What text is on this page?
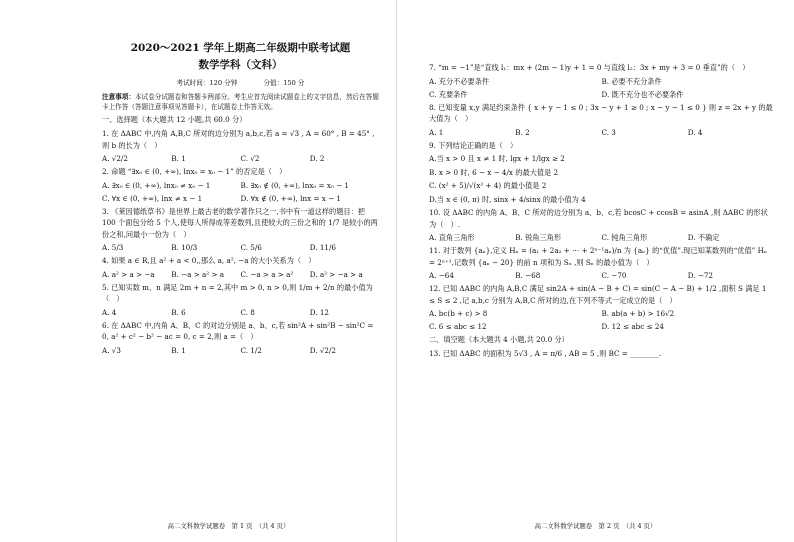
2020～2021 学年上期高二年级期中联考试题
数学学科（文科）
考试时间：120 分钟	分值：150 分
注意事项：本试卷分试题卷和答题卡两部分。考生应首先阅读试题卷上的文字信息，然后在答题卡上作答（答题注意事项见答题卡），在试题卷上作答无效。
一、选择题（本大题共 12 小题,共 60.0 分）
1. 在 ΔABC 中,内角 A,B,C 所对的边分别为 a,b,c,若 a = √3 , A = 60° , B = 45° ,则 b 的长为（　）
A. √2/2	B. 1	C. √2	D. 2
2. 命题 “∃x₀ ∈ (0, +∞), lnx₀ = x₀ − 1” 的否定是（　）
A. ∃x₀ ∈ (0, +∞), lnx₀ ≠ x₀ − 1	B. ∃x₀ ∉ (0, +∞), lnx₀ = x₀ − 1
C. ∀x ∈ (0, +∞), lnx ≠ x − 1	D. ∀x ∉ (0, +∞), lnx = x − 1
3. 《莱因德纸草书》是世界上最古老的数学著作只之一,书中有一道这样的题目：把 100 个面包分给 5 个人,使每人所得成等差数列,且使较大的三份之和的 1/7 是较小的两份之和,问最小一份为（　）
A. 5/3	B. 10/3	C. 5/6	D. 11/6
4. 如果 a ∈ R,且 a² + a < 0,,那么 a, a², −a 的大小关系为（　）
A. a² > a > −a	B. −a > a² > a	C. −a > a > a²	D. a² > −a > a
5. 已知实数 m、n 满足 2m + n = 2,其中 m > 0, n > 0,则 1/m + 2/n 的最小值为（　）
A. 4	B. 6	C. 8	D. 12
6. 在 ΔABC 中,内角 A、B、C 的对边分别是 a、b、c,若 sin²A + sin²B − sin²C = 0, a² + c² − b² − ac = 0, c = 2,则 a =（　）
A. √3	B. 1	C. 1/2	D. √2/2
高二文科数学试题卷　第 1 页　（共 4 页）
7. “m = −1”是“直线 l₁：mx + (2m − 1)y + 1 = 0 与直线 l₂：3x + my + 3 = 0 垂直”的（　）
A. 充分不必要条件	B. 必要不充分条件
C. 充要条件	D. 既不充分也不必要条件
8. 已知变量 x,y 满足约束条件 { x + y − 1 ≤ 0 ; 3x − y + 1 ≥ 0 ; x − y − 1 ≤ 0 } 则 z = 2x + y 的最大值为（　）
A. 1	B. 2	C. 3	D. 4
9. 下列结论正确的是（　）
A.当 x > 0 且 x ≠ 1 时, lgx + 1/lgx ≥ 2
B. x > 0 时, 6 − x − 4/x 的最大值是 2
C. (x² + 5)/√(x² + 4) 的最小值是 2
D.当 x ∈ (0, π) 时, sinx + 4/sinx 的最小值为 4
10. 设 ΔABC 的内角 A、B、C 所对的边分别为 a、b、c,若 bcosC + ccosB = asinA ,则 ΔABC 的形状为（　）.
A. 直角三角形	B. 锐角三角形	C. 钝角三角形	D. 不确定
11. 对于数列 {aₙ},定义 Hₙ = (a₁ + 2a₂ + ⋯ + 2ⁿ⁻¹aₙ)/n 为 {aₙ} 的“优值”.现已知某数列的“优值” Hₙ = 2ⁿ⁺¹,记数列 {aₙ − 20} 的前 n 项和为 Sₙ ,则 Sₙ 的最小值为（　）
A. −64	B. −68	C. −70	D. −72
12. 已知 ΔABC 的内角 A,B,C 满足 sin2A + sin(A − B + C) = sin(C − A − B) + 1/2 ,面积 S 满足 1 ≤ S ≤ 2 ,记 a,b,c 分别为 A,B,C 所对的边,在下列不等式一定成立的是（　）
A. bc(b + c) > 8	B. ab(a + b) > 16√2
C. 6 ≤ abc ≤ 12	D. 12 ≤ abc ≤ 24
二、填空题（本大题共 4 小题,共 20.0 分）
13. 已知 ΔABC 的面积为 5√3 , A = π/6 , AB = 5 ,则 BC = ________.
高二文科数学试题卷　第 2 页　（共 4 页）
